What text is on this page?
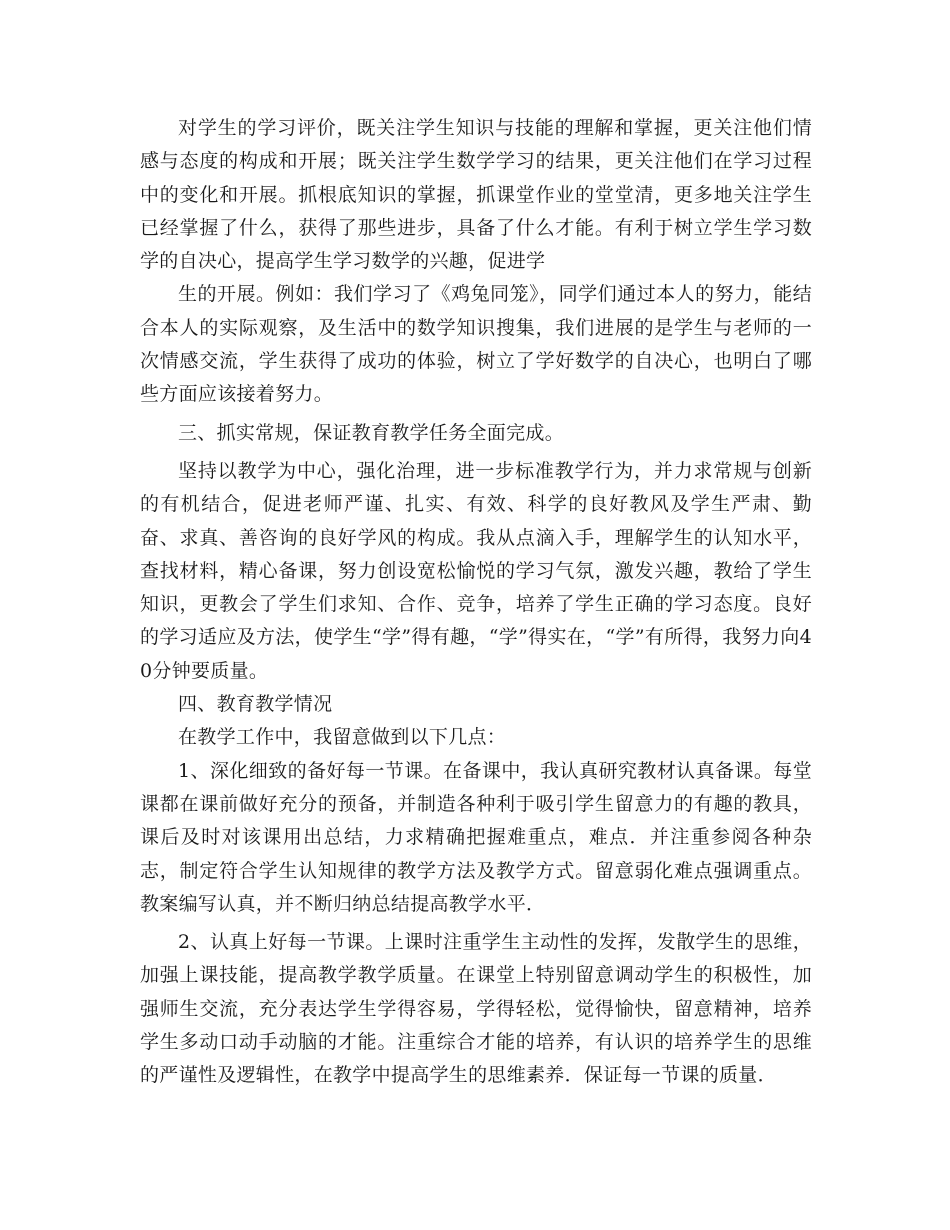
对学生的学习评价，既关注学生知识与技能的理解和掌握，更关注他们情感与态度的构成和开展；既关注学生数学学习的结果，更关注他们在学习过程中的变化和开展。抓根底知识的掌握，抓课堂作业的堂堂清，更多地关注学生已经掌握了什么，获得了那些进步，具备了什么才能。有利于树立学生学习数学的自决心，提高学生学习数学的兴趣，促进学

生的开展。例如：我们学习了《鸡兔同笼》，同学们通过本人的努力，能结合本人的实际观察，及生活中的数学知识搜集，我们进展的是学生与老师的一次情感交流，学生获得了成功的体验，树立了学好数学的自决心，也明白了哪些方面应该接着努力。

三、抓实常规，保证教育教学任务全面完成。

坚持以教学为中心，强化治理，进一步标准教学行为，并力求常规与创新的有机结合，促进老师严谨、扎实、有效、科学的良好教风及学生严肃、勤奋、求真、善咨询的良好学风的构成。我从点滴入手，理解学生的认知水平，查找材料，精心备课，努力创设宽松愉悦的学习气氛，激发兴趣，教给了学生知识，更教会了学生们求知、合作、竞争，培养了学生正确的学习态度。良好的学习适应及方法，使学生“学”得有趣，“学”得实在，“学”有所得，我努力向40分钟要质量。

四、教育教学情况

在教学工作中，我留意做到以下几点：

1、深化细致的备好每一节课。在备课中，我认真研究教材认真备课。每堂课都在课前做好充分的预备，并制造各种利于吸引学生留意力的有趣的教具，课后及时对该课用出总结，力求精确把握难重点，难点．并注重参阅各种杂志，制定符合学生认知规律的教学方法及教学方式。留意弱化难点强调重点。教案编写认真，并不断归纳总结提高教学水平．

2、认真上好每一节课。上课时注重学生主动性的发挥，发散学生的思维，加强上课技能，提高教学教学质量。在课堂上特别留意调动学生的积极性，加强师生交流，充分表达学生学得容易，学得轻松，觉得愉快，留意精神，培养学生多动口动手动脑的才能。注重综合才能的培养，有认识的培养学生的思维的严谨性及逻辑性，在教学中提高学生的思维素养．保证每一节课的质量．
